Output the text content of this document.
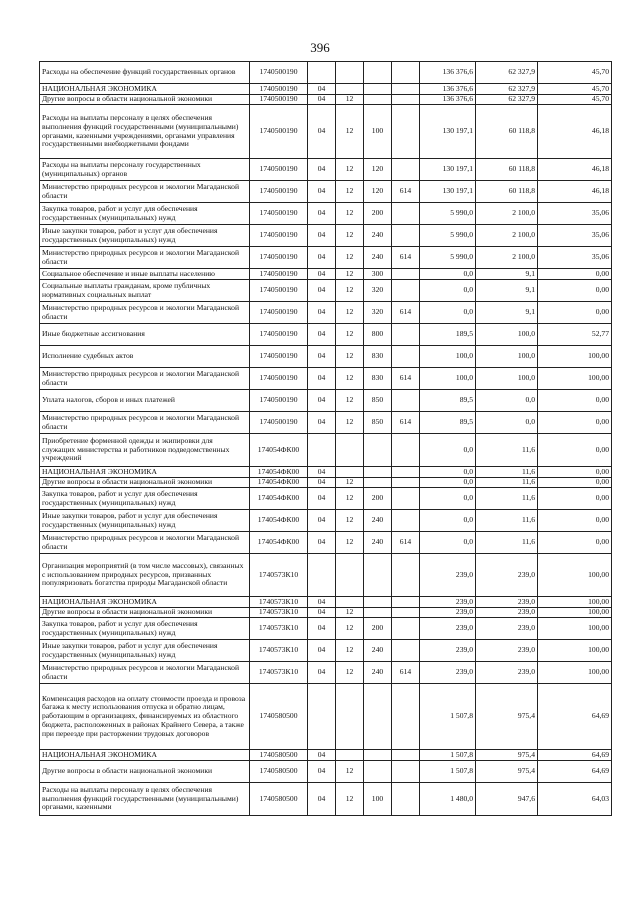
396
Расходы на обеспечение функций государственных органов	1740500190					136 376,6	62 327,9	45,70
НАЦИОНАЛЬНАЯ ЭКОНОМИКА	1740500190	04				136 376,6	62 327,9	45,70
Другие вопросы в области национальной экономики	1740500190	04	12			136 376,6	62 327,9	45,70
Расходы на выплаты персоналу в целях обеспечения выполнения функций государственными (муниципальными) органами, казенными учреждениями, органами управления государственными внебюджетными фондами	1740500190	04	12	100		130 197,1	60 118,8	46,18
Расходы на выплаты персоналу государственных (муниципальных) органов	1740500190	04	12	120		130 197,1	60 118,8	46,18
Министерство природных ресурсов и экологии Магаданской области	1740500190	04	12	120	614	130 197,1	60 118,8	46,18
Закупка товаров, работ и услуг для обеспечения государственных (муниципальных) нужд	1740500190	04	12	200		5 990,0	2 100,0	35,06
Иные закупки товаров, работ и услуг для обеспечения государственных (муниципальных) нужд	1740500190	04	12	240		5 990,0	2 100,0	35,06
Министерство природных ресурсов и экологии Магаданской области	1740500190	04	12	240	614	5 990,0	2 100,0	35,06
Социальное обеспечение и иные выплаты населению	1740500190	04	12	300		0,0	9,1	0,00
Социальные выплаты гражданам, кроме публичных нормативных социальных выплат	1740500190	04	12	320		0,0	9,1	0,00
Министерство природных ресурсов и экологии Магаданской области	1740500190	04	12	320	614	0,0	9,1	0,00
Иные бюджетные ассигнования	1740500190	04	12	800		189,5	100,0	52,77
Исполнение судебных актов	1740500190	04	12	830		100,0	100,0	100,00
Министерство природных ресурсов и экологии Магаданской области	1740500190	04	12	830	614	100,0	100,0	100,00
Уплата налогов, сборов и иных платежей	1740500190	04	12	850		89,5	0,0	0,00
Министерство природных ресурсов и экологии Магаданской области	1740500190	04	12	850	614	89,5	0,0	0,00
Приобретение форменной одежды и экипировки для служащих министерства и работников подведомственных учреждений	174054ФК00					0,0	11,6	0,00
НАЦИОНАЛЬНАЯ ЭКОНОМИКА	174054ФК00	04				0,0	11,6	0,00
Другие вопросы в области национальной экономики	174054ФК00	04	12			0,0	11,6	0,00
Закупка товаров, работ и услуг для обеспечения государственных (муниципальных) нужд	174054ФК00	04	12	200		0,0	11,6	0,00
Иные закупки товаров, работ и услуг для обеспечения государственных (муниципальных) нужд	174054ФК00	04	12	240		0,0	11,6	0,00
Министерство природных ресурсов и экологии Магаданской области	174054ФК00	04	12	240	614	0,0	11,6	0,00
Организация мероприятий (в том числе массовых), связанных с использованием природных ресурсов, призванных популяризовать богатства природы Магаданской области	1740573К10					239,0	239,0	100,00
НАЦИОНАЛЬНАЯ ЭКОНОМИКА	1740573К10	04				239,0	239,0	100,00
Другие вопросы в области национальной экономики	1740573К10	04	12			239,0	239,0	100,00
Закупка товаров, работ и услуг для обеспечения государственных (муниципальных) нужд	1740573К10	04	12	200		239,0	239,0	100,00
Иные закупки товаров, работ и услуг для обеспечения государственных (муниципальных) нужд	1740573К10	04	12	240		239,0	239,0	100,00
Министерство природных ресурсов и экологии Магаданской области	1740573К10	04	12	240	614	239,0	239,0	100,00
Компенсация расходов на оплату стоимости проезда и провоза багажа к месту использования отпуска и обратно лицам, работающим в организациях, финансируемых из областного бюджета, расположенных в районах Крайнего Севера, а также при переезде при расторжении трудовых договоров	1740580500					1 507,8	975,4	64,69
НАЦИОНАЛЬНАЯ ЭКОНОМИКА	1740580500	04				1 507,8	975,4	64,69
Другие вопросы в области национальной экономики	1740580500	04	12			1 507,8	975,4	64,69
Расходы на выплаты персоналу в целях обеспечения выполнения функций государственными (муниципальными) органами, казенными	1740580500	04	12	100		1 480,0	947,6	64,03
